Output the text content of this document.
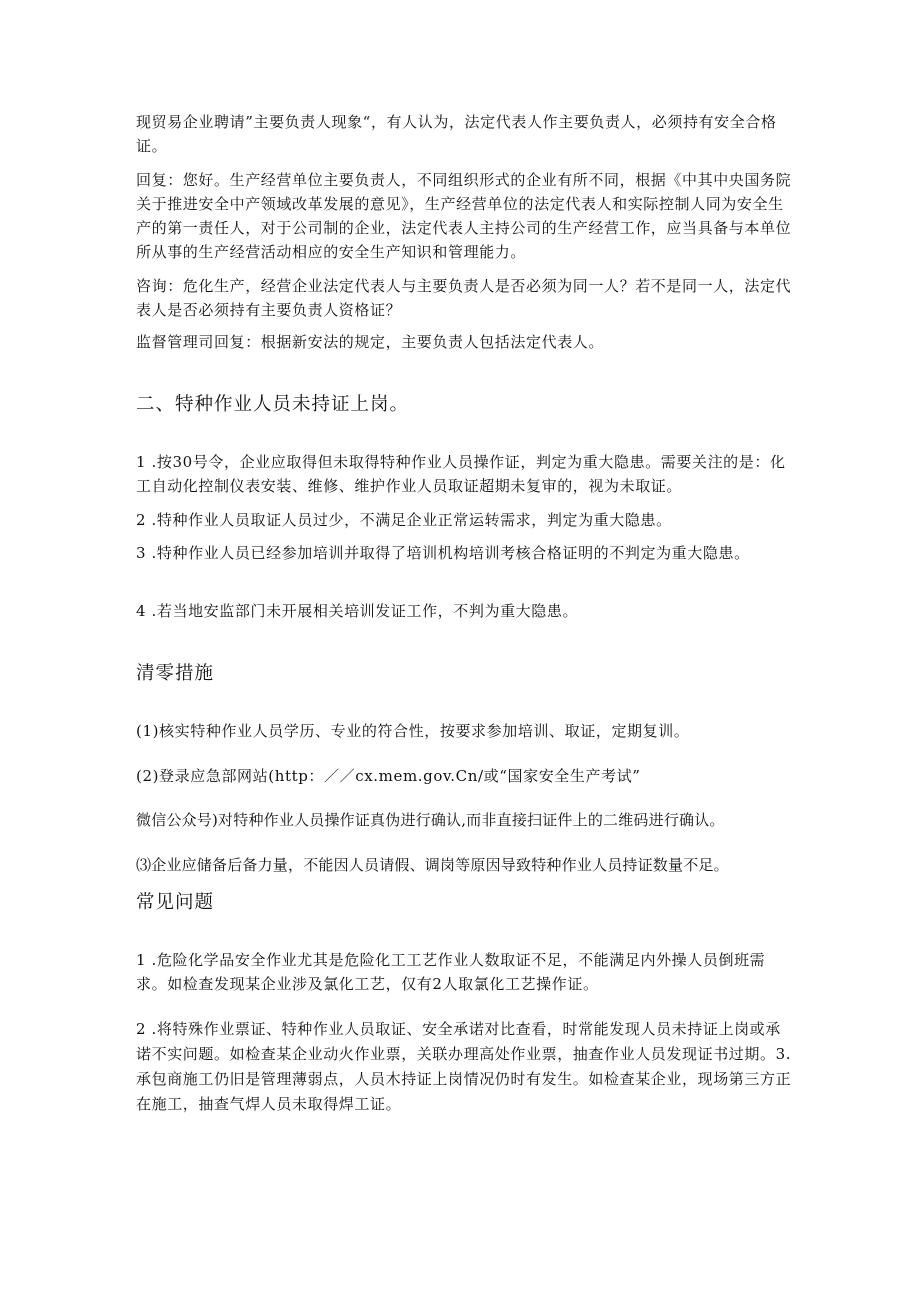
现贸易企业聘请”主要负责人现象“，有人认为，法定代表人作主要负责人，必须持有安全合格证。
回复：您好。生产经营单位主要负责人，不同组织形式的企业有所不同，根据《中其中央国务院关于推进安全中产领域改革发展的意见》，生产经营单位的法定代表人和实际控制人同为安全生产的第一责任人，对于公司制的企业，法定代表人主持公司的生产经营工作，应当具备与本单位所从事的生产经营活动相应的安全生产知识和管理能力。
咨询：危化生产，经营企业法定代表人与主要负责人是否必须为同一人？若不是同一人，法定代表人是否必须持有主要负责人资格证？
监督管理司回复：根据新安法的规定，主要负责人包括法定代表人。
二、特种作业人员未持证上岗。
1 .按30号令，企业应取得但未取得特种作业人员操作证，判定为重大隐患。需要关注的是：化工自动化控制仪表安装、维修、维护作业人员取证超期未复审的，视为未取证。
2 .特种作业人员取证人员过少，不满足企业正常运转需求，判定为重大隐患。
3 .特种作业人员已经参加培训并取得了培训机构培训考核合格证明的不判定为重大隐患。
4 .若当地安监部门未开展相关培训发证工作，不判为重大隐患。
清零措施
(1)核实特种作业人员学历、专业的符合性，按要求参加培训、取证，定期复训。
(2)登录应急部网站(http：／／cx.mem.gov.Cn/或“国家安全生产考试”
微信公众号)对特种作业人员操作证真伪进行确认,而非直接扫证件上的二维码进行确认。
⑶企业应储备后备力量，不能因人员请假、调岗等原因导致特种作业人员持证数量不足。
常见问题
1 .危险化学品安全作业尤其是危险化工工艺作业人数取证不足，不能满足内外操人员倒班需求。如检查发现某企业涉及氯化工艺，仅有2人取氯化工艺操作证。
2 .将特殊作业票证、特种作业人员取证、安全承诺对比查看，时常能发现人员未持证上岗或承诺不实问题。如检查某企业动火作业票，关联办理高处作业票，抽查作业人员发现证书过期。3.承包商施工仍旧是管理薄弱点，人员木持证上岗情况仍时有发生。如检查某企业，现场第三方正在施工，抽查气焊人员未取得焊工证。
